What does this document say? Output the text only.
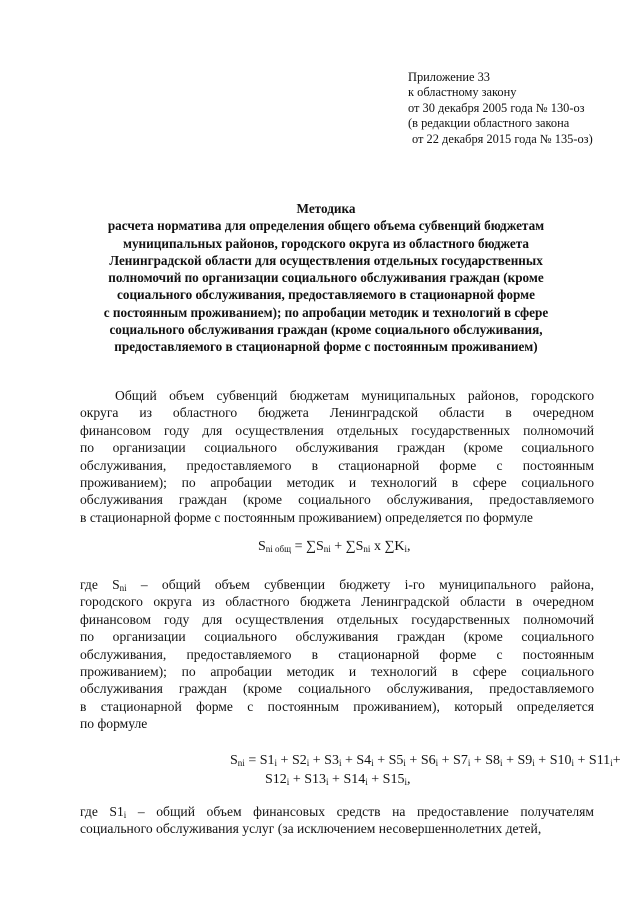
Приложение 33
к областному закону
от 30 декабря 2005 года № 130-оз
(в редакции областного закона
от 22 декабря 2015 года № 135-оз)
Методика
расчета норматива для определения общего объема субвенций бюджетам
муниципальных районов, городского округа из областного бюджета
Ленинградской области для осуществления отдельных государственных
полномочий по организации социального обслуживания граждан (кроме
социального обслуживания, предоставляемого в стационарной форме
с постоянным проживанием); по апробации методик и технологий в сфере
социального обслуживания граждан (кроме социального обслуживания,
предоставляемого в стационарной форме с постоянным проживанием)
Общий объем субвенций бюджетам муниципальных районов, городского
округа из областного бюджета Ленинградской области в очередном
финансовом году для осуществления отдельных государственных полномочий
по организации социального обслуживания граждан (кроме социального
обслуживания, предоставляемого в стационарной форме с постоянным
проживанием); по апробации методик и технологий в сфере социального
обслуживания граждан (кроме социального обслуживания, предоставляемого
в стационарной форме с постоянным проживанием) определяется по формуле
$S_{ni общ} = \sum S_{ni} + \sum S_{ni}$ x $\sum K_i$,
где $S_{ni}$ – общий объем субвенции бюджету i-го муниципального района,
городского округа из областного бюджета Ленинградской области в очередном
финансовом году для осуществления отдельных государственных полномочий
по организации социального обслуживания граждан (кроме социального
обслуживания, предоставляемого в стационарной форме с постоянным
проживанием); по апробации методик и технологий в сфере социального
обслуживания граждан (кроме социального обслуживания, предоставляемого
в стационарной форме с постоянным проживанием), который определяется
по формуле
$S_{ni} = S1_i + S2_i + S3_i + S4_i + S5_i + S6_i + S7_i + S8_i + S9_i + S10_i + S11_i+$
$S12_i + S13_i + S14_i + S15_i$,
где $S1_i$ – общий объем финансовых средств на предоставление получателям
социального обслуживания услуг (за исключением несовершеннолетних детей,
